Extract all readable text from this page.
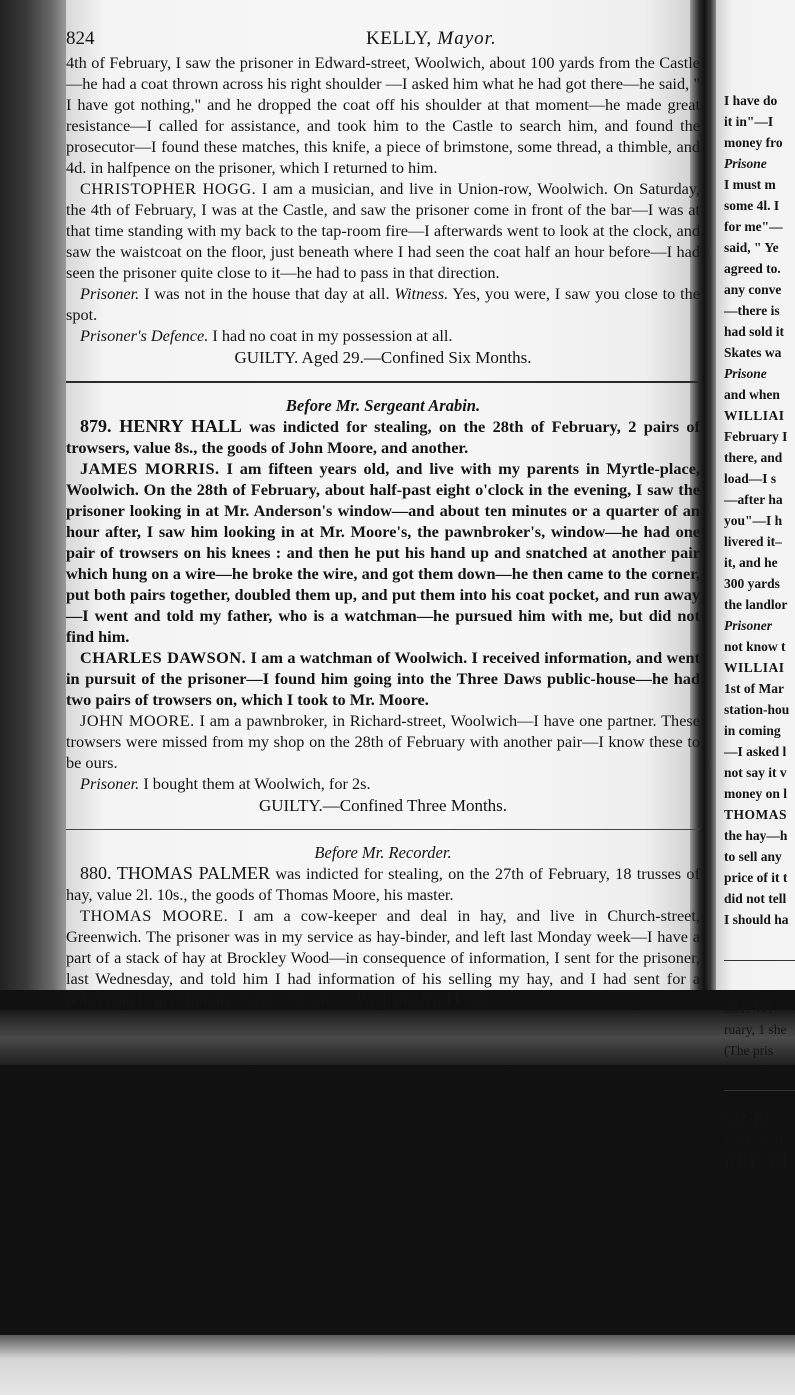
824	KELLY, Mayor.

4th of February, I saw the prisoner in Edward-street, Woolwich, about 100 yards from the Castle—he had a coat thrown across his right shoulder —I asked him what he had got there—he said, " I have got nothing," and he dropped the coat off his shoulder at that moment—he made great resistance—I called for assistance, and took him to the Castle to search him, and found the prosecutor—I found these matches, this knife, a piece of brimstone, some thread, a thimble, and 4d. in halfpence on the prisoner, which I returned to him.

CHRISTOPHER HOGG. I am a musician, and live in Union-row, Woolwich. On Saturday, the 4th of February, I was at the Castle, and saw the prisoner come in front of the bar—I was at that time standing with my back to the tap-room fire—I afterwards went to look at the clock, and saw the waistcoat on the floor, just beneath where I had seen the coat half an hour before—I had seen the prisoner quite close to it—he had to pass in that direction.

Prisoner. I was not in the house that day at all. Witness. Yes, you were, I saw you close to the spot.

Prisoner's Defence. I had no coat in my possession at all.

GUILTY. Aged 29.—Confined Six Months.

Before Mr. Sergeant Arabin.

879. HENRY HALL was indicted for stealing, on the 28th of February, 2 pairs of trowsers, value 8s., the goods of John Moore, and another.

JAMES MORRIS. I am fifteen years old, and live with my parents in Myrtle-place, Woolwich. On the 28th of February, about half-past eight o'clock in the evening, I saw the prisoner looking in at Mr. Anderson's window—and about ten minutes or a quarter of an hour after, I saw him looking in at Mr. Moore's, the pawnbroker's, window—he had one pair of trowsers on his knees : and then he put his hand up and snatched at another pair which hung on a wire—he broke the wire, and got them down—he then came to the corner, put both pairs together, doubled them up, and put them into his coat pocket, and run away—I went and told my father, who is a watchman—he pursued him with me, but did not find him.

CHARLES DAWSON. I am a watchman of Woolwich. I received information, and went in pursuit of the prisoner—I found him going into the Three Daws public-house—he had two pairs of trowsers on, which I took to Mr. Moore.

JOHN MOORE. I am a pawnbroker, in Richard-street, Woolwich—I have one partner. These trowsers were missed from my shop on the 28th of February with another pair—I know these to be ours.

Prisoner. I bought them at Woolwich, for 2s.

GUILTY.—Confined Three Months.

Before Mr. Recorder.

880. THOMAS PALMER was indicted for stealing, on the 27th of February, 18 trusses of hay, value 2l. 10s., the goods of Thomas Moore, his master.

THOMAS MOORE. I am a cow-keeper and deal in hay, and live in Church-street, Greenwich. The prisoner was in my service as hay-binder, and left last Monday week—I have a part of a stack of hay at Brockley Wood—in consequence of information, I sent for the prisoner, last Wednesday, and told him I had information of his selling my hay, and I had sent for a policeman to give him in charge—he said, " Well, master, I know

I have do
it in"—I
money fro
Prisone
I must m
some 4l. I
for me"—
said, " Ye
agreed to.
any conve
—there is
had sold it
Skates wa
Prisone
and when
WILLIAI
February I
there, and
load—I s
—after ha
you"—I h
livered it–
it, and he
300 yards
the landlor
Prisoner
not know t
WILLIAI
1st of Mar
station-hou
in coming
—I asked l
not say it v
money on l
THOMAS
the hay—h
to sell any
price of it t
did not tell
I should ha
881. WI
ruary, 1 she
(The pris
882. RE
ruary, 1 bri
WILLIAM
